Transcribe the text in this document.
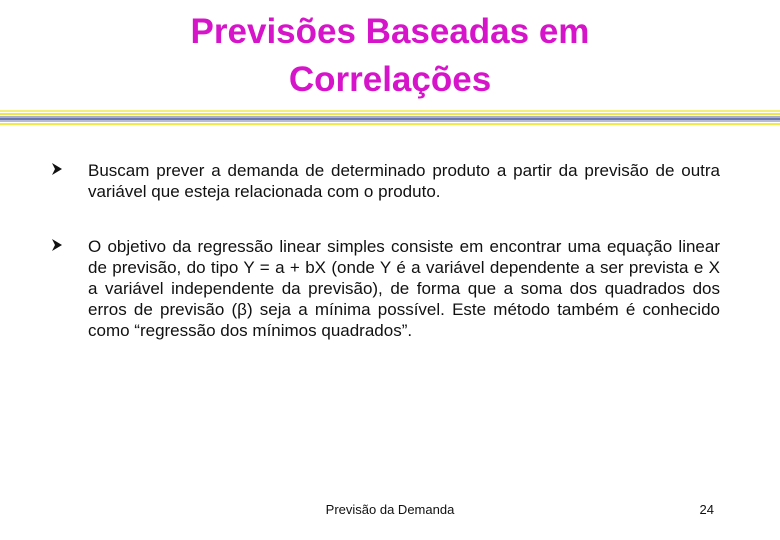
Previsões Baseadas em
Correlações
Buscam prever a demanda de determinado produto a partir da previsão de outra variável que esteja relacionada com o produto.
O objetivo da regressão linear simples consiste em encontrar uma equação linear de previsão, do tipo Y = a + bX (onde Y é a variável dependente a ser prevista e X a variável independente da previsão), de forma que a soma dos quadrados dos erros de previsão (β) seja a mínima possível. Este método também é conhecido como “regressão dos mínimos quadrados”.
Previsão da Demanda	24
